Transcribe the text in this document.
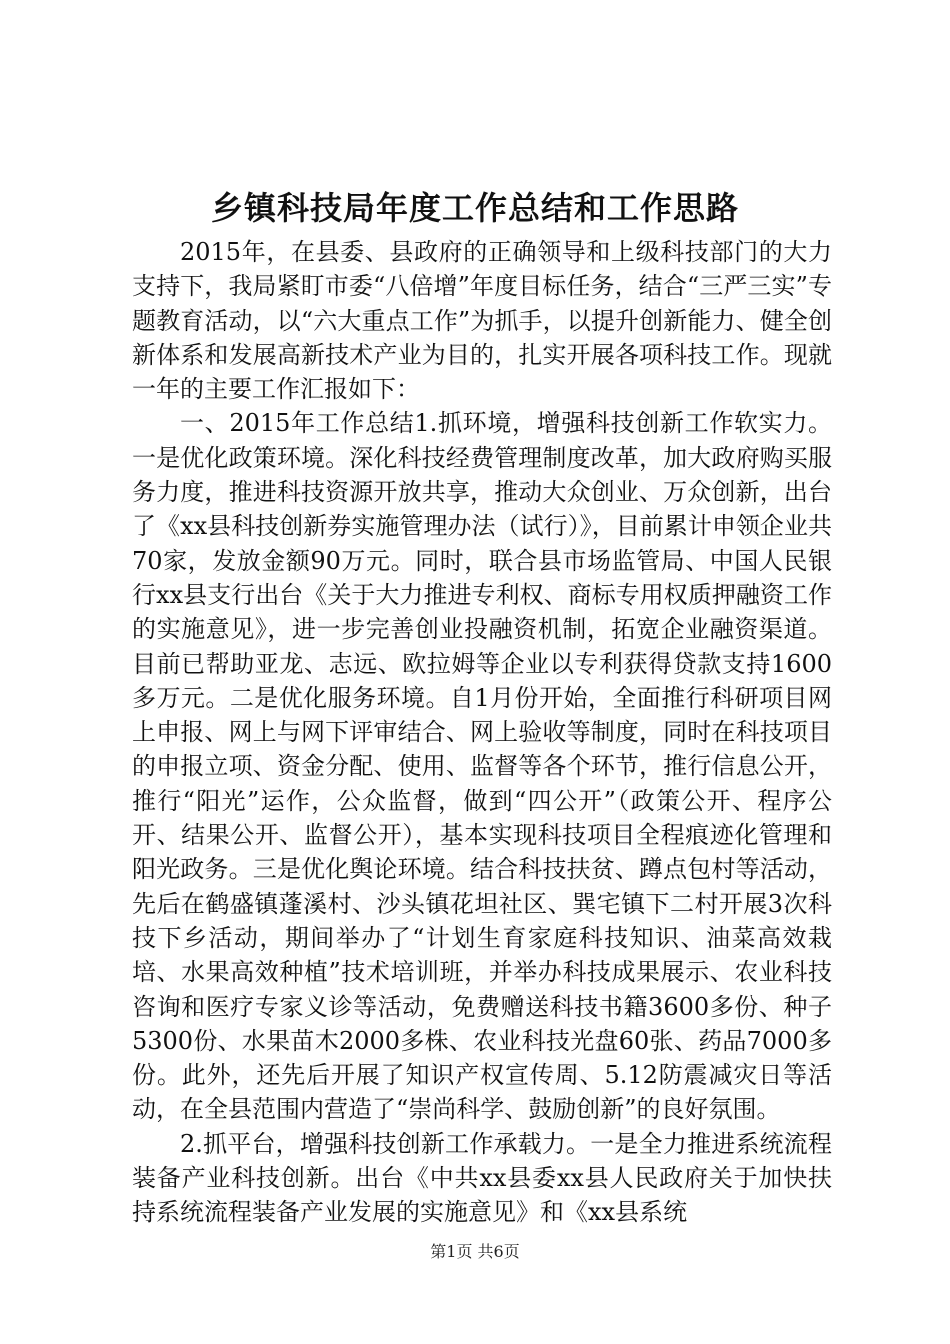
乡镇科技局年度工作总结和工作思路

2015年，在县委、县政府的正确领导和上级科技部门的大力支持下，我局紧盯市委“八倍增”年度目标任务，结合“三严三实”专题教育活动，以“六大重点工作”为抓手，以提升创新能力、健全创新体系和发展高新技术产业为目的，扎实开展各项科技工作。现就一年的主要工作汇报如下：

一、2015年工作总结1.抓环境，增强科技创新工作软实力。一是优化政策环境。深化科技经费管理制度改革，加大政府购买服务力度，推进科技资源开放共享，推动大众创业、万众创新，出台了《xx县科技创新券实施管理办法（试行）》，目前累计申领企业共70家，发放金额90万元。同时，联合县市场监管局、中国人民银行xx县支行出台《关于大力推进专利权、商标专用权质押融资工作的实施意见》，进一步完善创业投融资机制，拓宽企业融资渠道。目前已帮助亚龙、志远、欧拉姆等企业以专利获得贷款支持1600多万元。二是优化服务环境。自1月份开始，全面推行科研项目网上申报、网上与网下评审结合、网上验收等制度，同时在科技项目的申报立项、资金分配、使用、监督等各个环节，推行信息公开，推行“阳光”运作，公众监督，做到“四公开”（政策公开、程序公开、结果公开、监督公开），基本实现科技项目全程痕迹化管理和阳光政务。三是优化舆论环境。结合科技扶贫、蹲点包村等活动，先后在鹤盛镇蓬溪村、沙头镇花坦社区、巽宅镇下二村开展3次科技下乡活动，期间举办了“计划生育家庭科技知识、油菜高效栽培、水果高效种植”技术培训班，并举办科技成果展示、农业科技咨询和医疗专家义诊等活动，免费赠送科技书籍3600多份、种子5300份、水果苗木2000多株、农业科技光盘60张、药品7000多份。此外，还先后开展了知识产权宣传周、5.12防震减灾日等活动，在全县范围内营造了“崇尚科学、鼓励创新”的良好氛围。

2.抓平台，增强科技创新工作承载力。一是全力推进系统流程装备产业科技创新。出台《中共xx县委xx县人民政府关于加快扶持系统流程装备产业发展的实施意见》和《xx县系统

第1页 共6页
